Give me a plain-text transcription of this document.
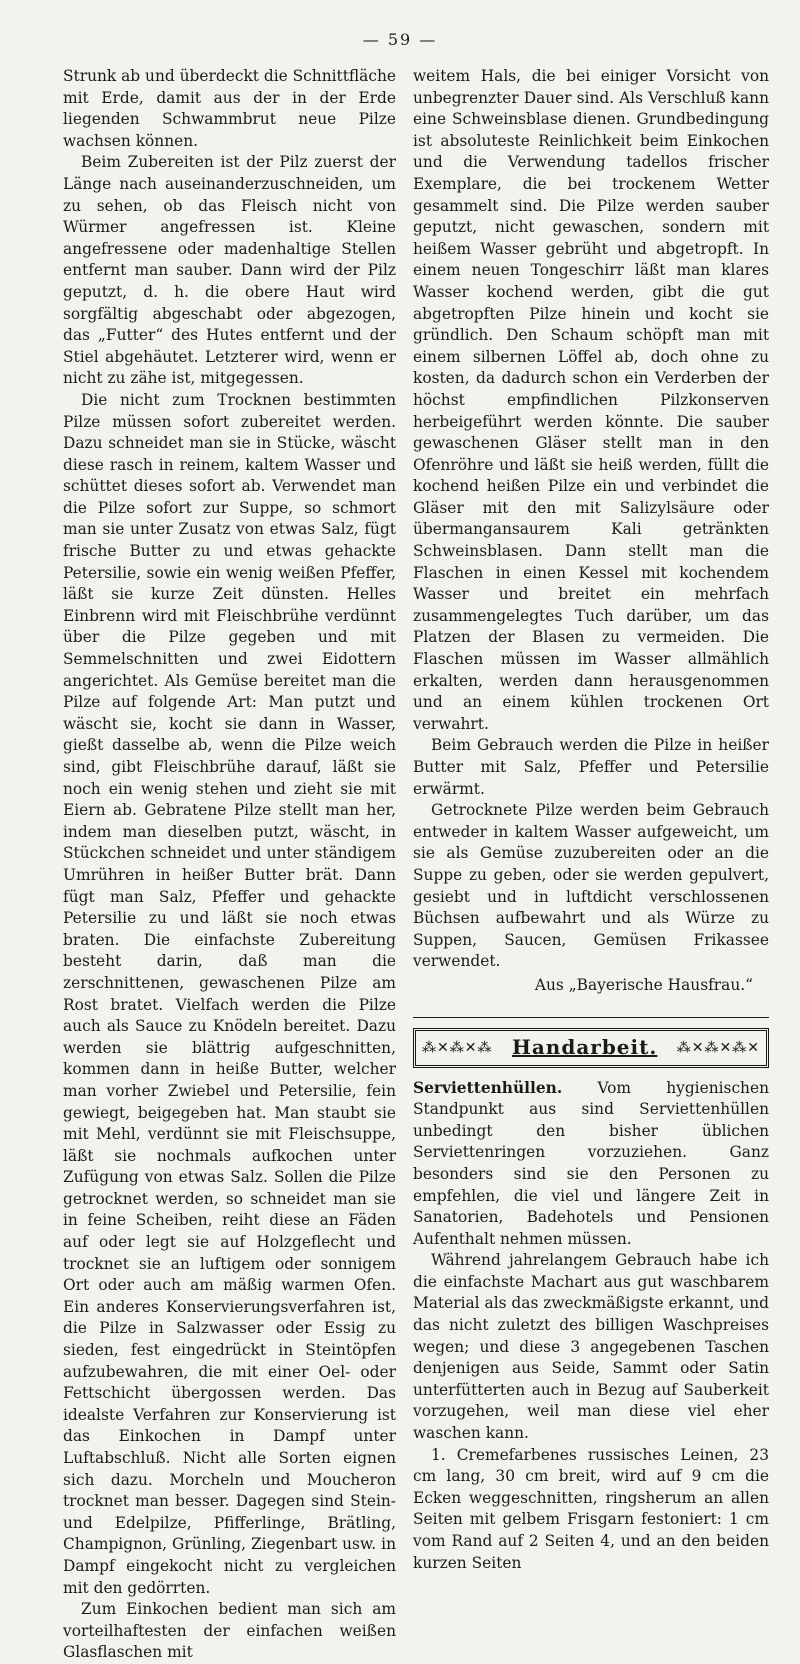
— 59 —

Strunk ab und überdeckt die Schnittfläche mit Erde, damit aus der in der Erde liegenden Schwammbrut neue Pilze wachsen können.

Beim Zubereiten ist der Pilz zuerst der Länge nach auseinanderzuschneiden, um zu sehen, ob das Fleisch nicht von Würmer angefressen ist. Kleine angefressene oder madenhaltige Stellen entfernt man sauber. Dann wird der Pilz geputzt, d. h. die obere Haut wird sorgfältig abgeschabt oder abgezogen, das „Futter“ des Hutes entfernt und der Stiel abgehäutet. Letzterer wird, wenn er nicht zu zähe ist, mitgegessen.

Die nicht zum Trocknen bestimmten Pilze müssen sofort zubereitet werden. Dazu schneidet man sie in Stücke, wäscht diese rasch in reinem, kaltem Wasser und schüttet dieses sofort ab. Verwendet man die Pilze sofort zur Suppe, so schmort man sie unter Zusatz von etwas Salz, fügt frische Butter zu und etwas gehackte Petersilie, sowie ein wenig weißen Pfeffer, läßt sie kurze Zeit dünsten. Helles Einbrenn wird mit Fleischbrühe verdünnt über die Pilze gegeben und mit Semmelschnitten und zwei Eidottern angerichtet. Als Gemüse bereitet man die Pilze auf folgende Art: Man putzt und wäscht sie, kocht sie dann in Wasser, gießt dasselbe ab, wenn die Pilze weich sind, gibt Fleischbrühe darauf, läßt sie noch ein wenig stehen und zieht sie mit Eiern ab. Gebratene Pilze stellt man her, indem man dieselben putzt, wäscht, in Stückchen schneidet und unter ständigem Umrühren in heißer Butter brät. Dann fügt man Salz, Pfeffer und gehackte Petersilie zu und läßt sie noch etwas braten. Die einfachste Zubereitung besteht darin, daß man die zerschnittenen, gewaschenen Pilze am Rost bratet. Vielfach werden die Pilze auch als Sauce zu Knödeln bereitet. Dazu werden sie blättrig aufgeschnitten, kommen dann in heiße Butter, welcher man vorher Zwiebel und Petersilie, fein gewiegt, beigegeben hat. Man staubt sie mit Mehl, verdünnt sie mit Fleischsuppe, läßt sie nochmals aufkochen unter Zufügung von etwas Salz. Sollen die Pilze getrocknet werden, so schneidet man sie in feine Scheiben, reiht diese an Fäden auf oder legt sie auf Holzgeflecht und trocknet sie an luftigem oder sonnigem Ort oder auch am mäßig warmen Ofen. Ein anderes Konservierungsverfahren ist, die Pilze in Salzwasser oder Essig zu sieden, fest eingedrückt in Steintöpfen aufzubewahren, die mit einer Oel- oder Fettschicht übergossen werden. Das idealste Verfahren zur Konservierung ist das Einkochen in Dampf unter Luftabschluß. Nicht alle Sorten eignen sich dazu. Morcheln und Moucheron trocknet man besser. Dagegen sind Stein- und Edelpilze, Pfifferlinge, Brätling, Champignon, Grünling, Ziegenbart usw. in Dampf eingekocht nicht zu vergleichen mit den gedörrten.

Zum Einkochen bedient man sich am vorteilhaftesten der einfachen weißen Glasflaschen mit

weitem Hals, die bei einiger Vorsicht von unbegrenzter Dauer sind. Als Verschluß kann eine Schweinsblase dienen. Grundbedingung ist absoluteste Reinlichkeit beim Einkochen und die Verwendung tadellos frischer Exemplare, die bei trockenem Wetter gesammelt sind. Die Pilze werden sauber geputzt, nicht gewaschen, sondern mit heißem Wasser gebrüht und abgetropft. In einem neuen Tongeschirr läßt man klares Wasser kochend werden, gibt die gut abgetropften Pilze hinein und kocht sie gründlich. Den Schaum schöpft man mit einem silbernen Löffel ab, doch ohne zu kosten, da dadurch schon ein Verderben der höchst empfindlichen Pilzkonserven herbeigeführt werden könnte. Die sauber gewaschenen Gläser stellt man in den Ofenröhre und läßt sie heiß werden, füllt die kochend heißen Pilze ein und verbindet die Gläser mit den mit Salizylsäure oder übermangansaurem Kali getränkten Schweinsblasen. Dann stellt man die Flaschen in einen Kessel mit kochendem Wasser und breitet ein mehrfach zusammengelegtes Tuch darüber, um das Platzen der Blasen zu vermeiden. Die Flaschen müssen im Wasser allmählich erkalten, werden dann herausgenommen und an einem kühlen trockenen Ort verwahrt.

Beim Gebrauch werden die Pilze in heißer Butter mit Salz, Pfeffer und Petersilie erwärmt.

Getrocknete Pilze werden beim Gebrauch entweder in kaltem Wasser aufgeweicht, um sie als Gemüse zuzubereiten oder an die Suppe zu geben, oder sie werden gepulvert, gesiebt und in luftdicht verschlossenen Büchsen aufbewahrt und als Würze zu Suppen, Saucen, Gemüsen Frikassee verwendet.

Aus „Bayerische Hausfrau.“

⁂✕⁂✕⁂ Handarbeit. ⁂✕⁂✕⁂✕

Serviettenhüllen. Vom hygienischen Standpunkt aus sind Serviettenhüllen unbedingt den bisher üblichen Serviettenringen vorzuziehen. Ganz besonders sind sie den Personen zu empfehlen, die viel und längere Zeit in Sanatorien, Badehotels und Pensionen Aufenthalt nehmen müssen.

Während jahrelangem Gebrauch habe ich die einfachste Machart aus gut waschbarem Material als das zweckmäßigste erkannt, und das nicht zuletzt des billigen Waschpreises wegen; und diese 3 angegebenen Taschen denjenigen aus Seide, Sammt oder Satin unterfütterten auch in Bezug auf Sauberkeit vorzugehen, weil man diese viel eher waschen kann.

1. Cremefarbenes russisches Leinen, 23 cm lang, 30 cm breit, wird auf 9 cm die Ecken weggeschnitten, ringsherum an allen Seiten mit gelbem Frisgarn festoniert: 1 cm vom Rand auf 2 Seiten 4, und an den beiden kurzen Seiten
